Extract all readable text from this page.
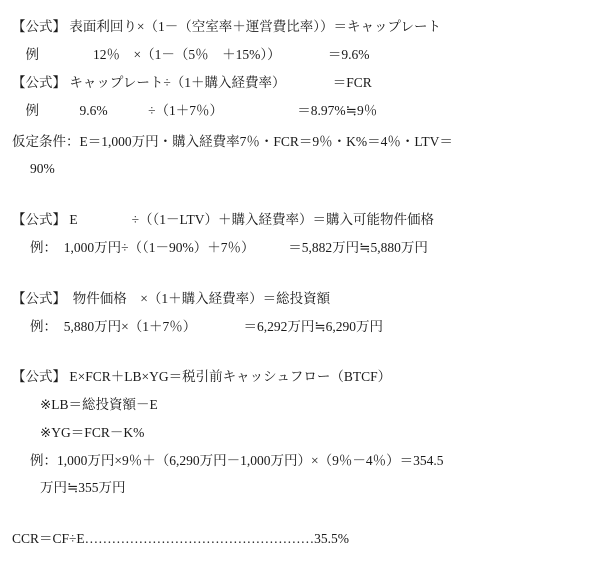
【公式】 表面利回り×（1－（空室率＋運営費比率））＝キャップレート
　例　　　　12％　×（1－（5％　＋15%））　　　　＝9.6%
【公式】 キャップレート÷（1＋購入経費率）　　　　＝FCR
　例　　　9.6%　　　÷（1＋7％）　　　　　　＝8.97%≒9％
仮定条件：E＝1,000万円・購入経費率7％・FCR＝9％・K%＝4％・LTV＝
90%
【公式】 E　　　　÷（（1－LTV）＋購入経費率）＝購入可能物件価格
例：　1,000万円÷（（1－90%）＋7％）　　　＝5,882万円≒5,880万円
【公式】　物件価格　×（1＋購入経費率）＝総投資額
例：　5,880万円×（1＋7％）　　　　＝6,292万円≒6,290万円
【公式】 E×FCR＋LB×YG＝税引前キャッシュフロー（BTCF）
※LB＝総投資額－E
※YG＝FCR－K%
例：1,000万円×9％＋（6,290万円－1,000万円）×（9％－4％）＝354.5
万円≒355万円
CCR＝CF÷E……………………………………………35.5%
